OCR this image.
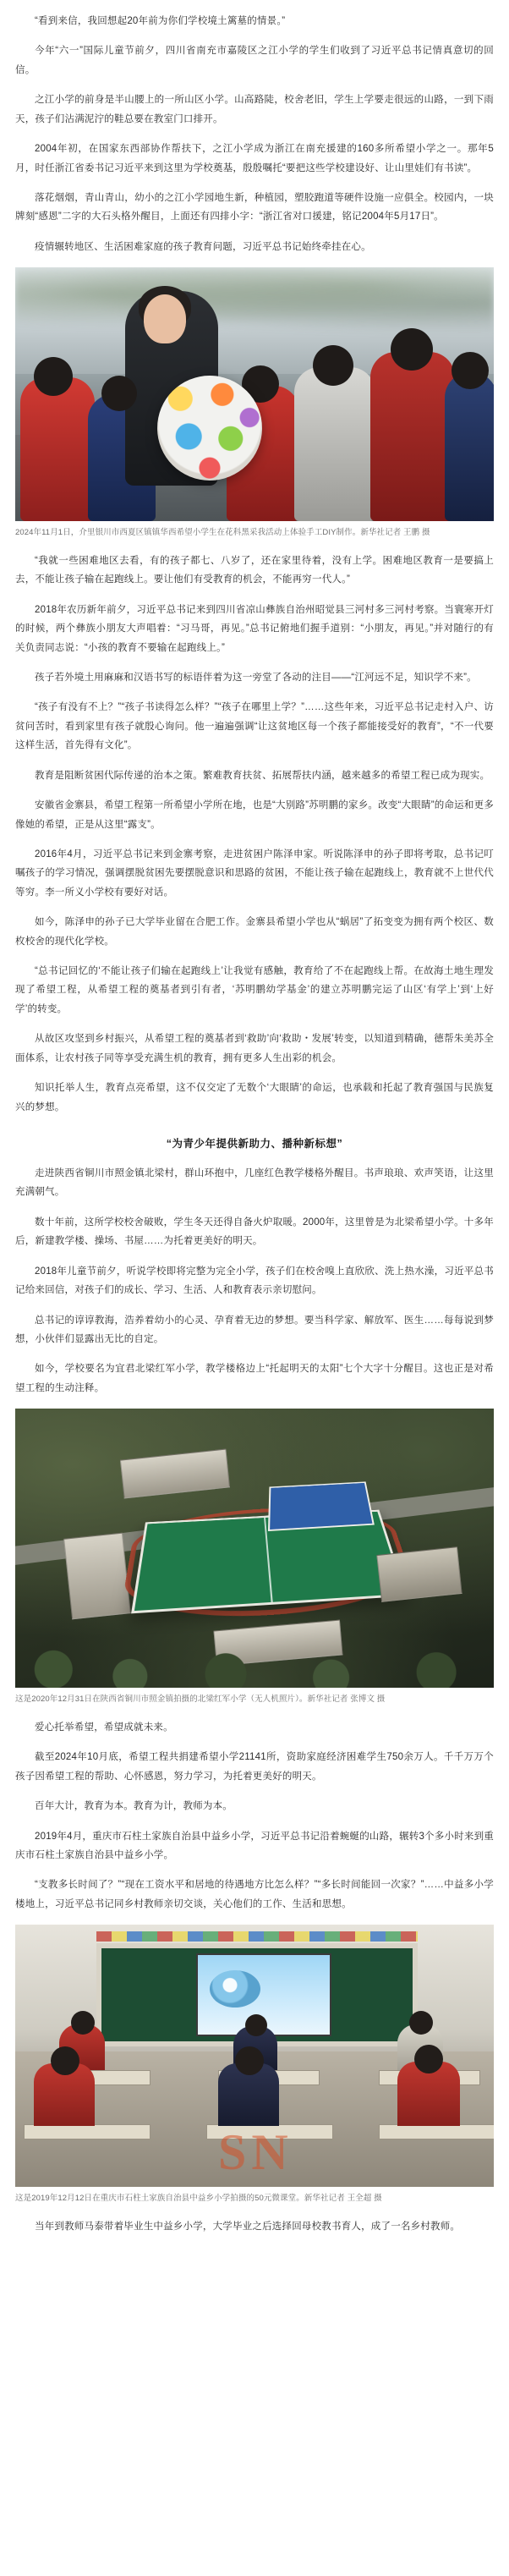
“看到来信，我回想起20年前为你们学校境土篱墓的情景。”

今年“六一”国际儿童节前夕，四川省南充市嘉陵区之江小学的学生们收到了习近平总书记情真意切的回信。

之江小学的前身是半山腰上的一所山区小学。山高路陡，校舍老旧，学生上学要走很远的山路，一到下雨天，孩子们沾满泥泞的鞋总要在教室门口排开。

2004年初，在国家东西部协作帮扶下，之江小学成为浙江在南充援建的160多所希望小学之一。那年5月，时任浙江省委书记习近平来到这里为学校奠基，殷殷嘱托“要把这些学校建设好、让山里娃们有书读”。

落花烟烟，青山青山，幼小的之江小学园地生新，种植园，塑胶跑道等硬件设施一应俱全。校园内，一块牌刻“感恩”二字的大石头格外醒目，上面还有四排小字：“浙江省对口援建，铭记2004年5月17日”。

疫情辗转地区、生活困难家庭的孩子教育问题，习近平总书记始终牵挂在心。

2024年11月1日，介里银川市西夏区镇镇华西希望小学生在花科黑采我活动上体验手工DIY制作。新华社记者 王鹏 摄

“我就一些困难地区去看，有的孩子都七、八岁了，还在家里待着，没有上学。困难地区教育一是要搞上去，不能让孩子输在起跑线上。要让他们有受教育的机会，不能再穷一代人。”

2018年农历新年前夕，习近平总书记来到四川省凉山彝族自治州昭觉县三河村多三河村考察。当寰寒开灯的时候，两个彝族小朋友大声唱着：“习马哥，再见。”总书记俯地们握手道别：“小朋友，再见。”并对随行的有关负责同志说：“小孩的教育不要输在起跑线上。”

孩子若外境土用麻麻和汉语书写的标语伴着为这一旁堂了各动的注目——“江河远不足，知识学不来”。

“孩子有没有不上？”“孩子书读得怎么样？”“孩子在哪里上学？”……这些年来，习近平总书记走村入户、访贫问苦时，看到家里有孩子就殷心询问。他一遍遍强调“让这贫地区每一个孩子都能接受好的教育”，“不一代要这样生活，首先得有文化”。

教育是阻断贫困代际传递的治本之策。繁难教育扶贫、拓展帮扶内涵，越来越多的希望工程已成为现实。

安徽省金寨县，希望工程第一所希望小学所在地，也是“大别路”苏明鹏的家乡。改变“大眼睛”的命运和更多像她的希望，正是从这里“露支”。

2016年4月，习近平总书记来到金寨考察，走进贫困户陈泽申家。听说陈泽申的孙子即将考取，总书记叮嘱孩子的学习情况，强调摆脱贫困先要摆脱意识和思路的贫困，不能让孩子输在起跑线上，教育就不上世代代等穷。李一所义小学校有要好对话。

如今，陈泽申的孙子已大学毕业留在合肥工作。金寨县希望小学也从“蜗居”了拓变变为拥有两个校区、数枚校舍的现代化学校。

“总书记回忆的‘不能让孩子们输在起跑线上’让我觉有感触，教育给了不在起跑线上帮。在故海土地生理发现了希望工程，从希望工程的奠基者到引有者，‘苏明鹏幼学基金’的建立苏明鹏完运了山区‘有学上’到‘上好学’的转变。

从故区攻坚到乡村振兴，从希望工程的奠基者到‘救助’向‘救助・发展’转变，以知道到精确，德帮朱美苏全面体系，让农村孩子同等享受充满生机的教育，拥有更多人生出彩的机会。

知识托举人生，教育点亮希望，这不仅交定了无数个‘大眼睛’的命运，也承载和托起了教育强国与民族复兴的梦想。

“为青少年提供新助力、播种新标想”

走进陕西省铜川市照金镇北梁村，群山环抱中，几座红色教学楼格外醒目。书声琅琅、欢声笑语，让这里充满朝气。

数十年前，这所学校校舍破败，学生冬天还得自备火炉取暖。2000年，这里曾是为北梁希望小学。十多年后，新建教学楼、操场、书屋……为托着更美好的明天。

2018年儿童节前夕，听说学校即将完整为完全小学，孩子们在校舍嗅上直欣欣、洗上热水澡，习近平总书记给来回信，对孩子们的成长、学习、生活、人和教育表示亲切慰问。

总书记的谆谆教海，浩养着幼小的心灵、孕育着无边的梦想。要当科学家、解放军、医生……每每说到梦想，小伙伴们显露出无比的自定。

如今，学校要名为宜君北梁红军小学，教学楼格边上“托起明天的太阳”七个大字十分醒目。这也正是对希望工程的生动注释。

这是2020年12月31日在陕西省铜川市照金镇拍摄的北梁红军小学（无人机照片）。新华社记者 张博文 摄

爱心托举希望，希望成就未来。

截至2024年10月底，希望工程共捐建希望小学21141所，资助家庭经济困难学生750余万人。千千万万个孩子因希望工程的帮助、心怀感恩，努力学习，为托着更美好的明天。

百年大计，教育为本。教育为计，教师为本。

2019年4月，重庆市石柱土家族自治县中益乡小学，习近平总书记沿着蜿蜒的山路，辗转3个多小时来到重庆市石柱土家族自治县中益乡小学。

“支教多长时间了？”“现在工资水平和居地的待遇地方比怎么样？”“多长时间能回一次家？”……中益多小学楼地上，习近平总书记同乡村教师亲切交谈，关心他们的工作、生活和思想。

SN
这是2019年12月12日在重庆市石柱土家族自治县中益乡小学拍摄的50元微课堂。新华社记者 王全超 摄

当年到教师马泰带着毕业生中益乡小学，大学毕业之后选择回母校教书育人，成了一名乡村教师。
